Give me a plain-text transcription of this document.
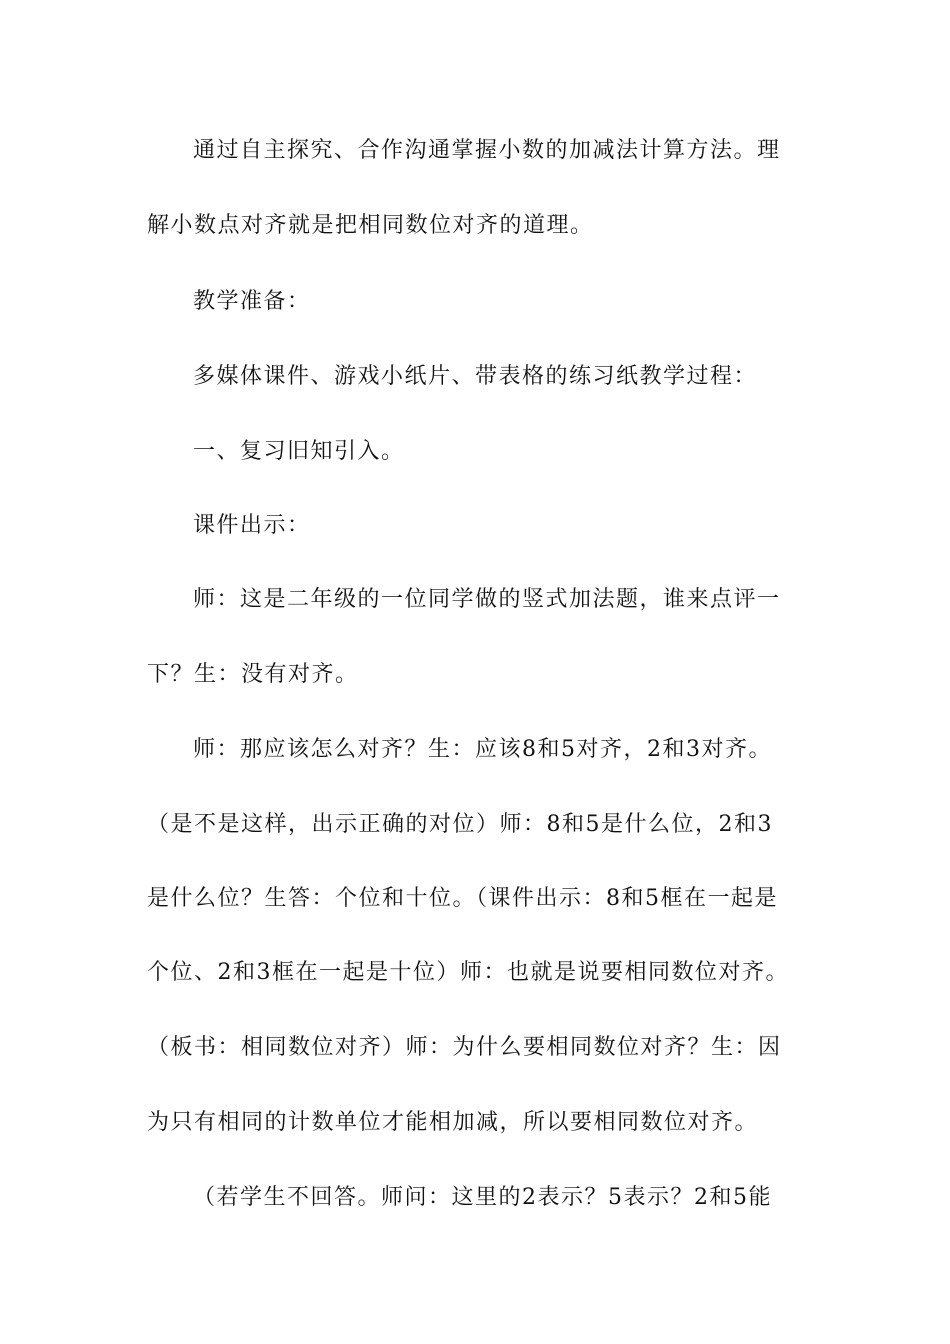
通过自主探究、合作沟通掌握小数的加减法计算方法。理
解小数点对齐就是把相同数位对齐的道理。
教学准备：
多媒体课件、游戏小纸片、带表格的练习纸教学过程：
一、复习旧知引入。
课件出示：
师：这是二年级的一位同学做的竖式加法题，谁来点评一
下？生：没有对齐。
师：那应该怎么对齐？生：应该8和5对齐，2和3对齐。
（是不是这样，出示正确的对位）师：8和5是什么位，2和3
是什么位？生答：个位和十位。（课件出示：8和5框在一起是
个位、2和3框在一起是十位）师：也就是说要相同数位对齐。
（板书：相同数位对齐）师：为什么要相同数位对齐？生：因
为只有相同的计数单位才能相加减，所以要相同数位对齐。
（若学生不回答。师问：这里的2表示？5表示？2和5能
